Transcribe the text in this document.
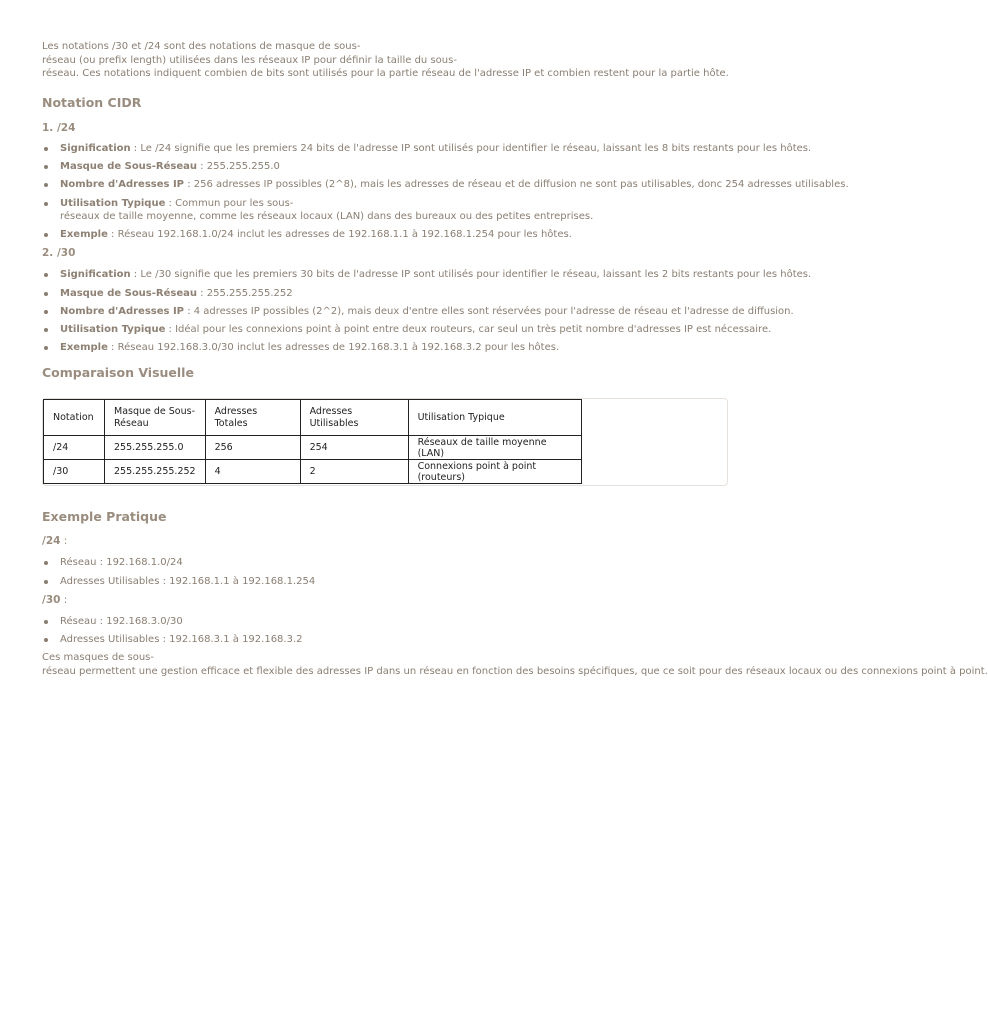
Les notations /30 et /24 sont des notations de masque de sous-

réseau (ou prefix length) utilisées dans les réseaux IP pour définir la taille du sous-

réseau. Ces notations indiquent combien de bits sont utilisés pour la partie réseau de l'adresse IP et combien restent pour la partie hôte.

Notation CIDR
1. /24
Signification : Le /24 signifie que les premiers 24 bits de l'adresse IP sont utilisés pour identifier le réseau, laissant les 8 bits restants pour les hôtes.
Masque de Sous-Réseau : 255.255.255.0
Nombre d'Adresses IP : 256 adresses IP possibles (2^8), mais les adresses de réseau et de diffusion ne sont pas utilisables, donc 254 adresses utilisables.
Utilisation Typique : Commun pour les sous-
réseaux de taille moyenne, comme les réseaux locaux (LAN) dans des bureaux ou des petites entreprises.
Exemple : Réseau 192.168.1.0/24 inclut les adresses de 192.168.1.1 à 192.168.1.254 pour les hôtes.
2. /30
Signification : Le /30 signifie que les premiers 30 bits de l'adresse IP sont utilisés pour identifier le réseau, laissant les 2 bits restants pour les hôtes.
Masque de Sous-Réseau : 255.255.255.252
Nombre d'Adresses IP : 4 adresses IP possibles (2^2), mais deux d'entre elles sont réservées pour l'adresse de réseau et l'adresse de diffusion.
Utilisation Typique : Idéal pour les connexions point à point entre deux routeurs, car seul un très petit nombre d'adresses IP est nécessaire.
Exemple : Réseau 192.168.3.0/30 inclut les adresses de 192.168.3.1 à 192.168.3.2 pour les hôtes.
Comparaison Visuelle
Notation	Masque de Sous-Réseau	Adresses Totales	Adresses Utilisables	Utilisation Typique
/24	255.255.255.0	256	254	Réseaux de taille moyenne (LAN)
/30	255.255.255.252	4	2	Connexions point à point (routeurs)
Exemple Pratique
/24 :
Réseau : 192.168.1.0/24
Adresses Utilisables : 192.168.1.1 à 192.168.1.254
/30 :
Réseau : 192.168.3.0/30
Adresses Utilisables : 192.168.3.1 à 192.168.3.2

Ces masques de sous-

réseau permettent une gestion efficace et flexible des adresses IP dans un réseau en fonction des besoins spécifiques, que ce soit pour des réseaux locaux ou des connexions point à point.
